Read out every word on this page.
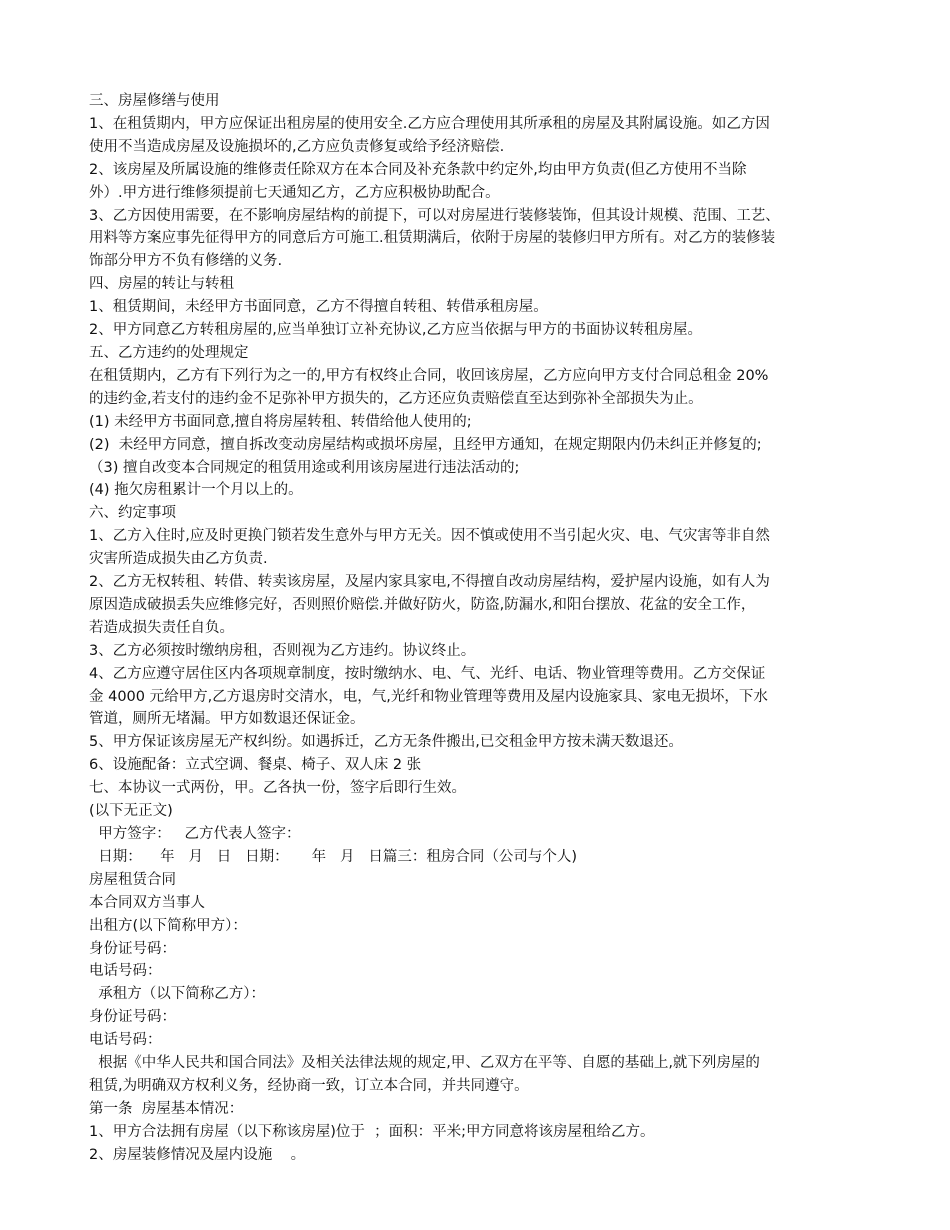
三、房屋修缮与使用
1、在租赁期内，甲方应保证出租房屋的使用安全.乙方应合理使用其所承租的房屋及其附属设施。如乙方因
使用不当造成房屋及设施损坏的,乙方应负责修复或给予经济赔偿.
2、该房屋及所属设施的维修责任除双方在本合同及补充条款中约定外,均由甲方负责(但乙方使用不当除
外）.甲方进行维修须提前七天通知乙方，乙方应积极协助配合。
3、乙方因使用需要，在不影响房屋结构的前提下，可以对房屋进行装修装饰，但其设计规模、范围、工艺、
用料等方案应事先征得甲方的同意后方可施工.租赁期满后，依附于房屋的装修归甲方所有。对乙方的装修装
饰部分甲方不负有修缮的义务.
四、房屋的转让与转租
1、租赁期间，未经甲方书面同意，乙方不得擅自转租、转借承租房屋。
2、甲方同意乙方转租房屋的,应当单独订立补充协议,乙方应当依据与甲方的书面协议转租房屋。
五、乙方违约的处理规定
在租赁期内，乙方有下列行为之一的,甲方有权终止合同，收回该房屋，乙方应向甲方支付合同总租金 20%
的违约金,若支付的违约金不足弥补甲方损失的，乙方还应负责赔偿直至达到弥补全部损失为止。
(1) 未经甲方书面同意,擅自将房屋转租、转借给他人使用的;
(2)  未经甲方同意，擅自拆改变动房屋结构或损坏房屋，且经甲方通知，在规定期限内仍未纠正并修复的;
（3) 擅自改变本合同规定的租赁用途或利用该房屋进行违法活动的;
(4) 拖欠房租累计一个月以上的。
六、约定事项
1、乙方入住时,应及时更换门锁若发生意外与甲方无关。因不慎或使用不当引起火灾、电、气灾害等非自然
灾害所造成损失由乙方负责.
2、乙方无权转租、转借、转卖该房屋，及屋内家具家电,不得擅自改动房屋结构，爱护屋内设施，如有人为
原因造成破损丢失应维修完好，否则照价赔偿.并做好防火，防盗,防漏水,和阳台摆放、花盆的安全工作，
若造成损失责任自负。
3、乙方必须按时缴纳房租，否则视为乙方违约。协议终止。
4、乙方应遵守居住区内各项规章制度，按时缴纳水、电、气、光纤、电话、物业管理等费用。乙方交保证
金 4000 元给甲方,乙方退房时交清水，电，气,光纤和物业管理等费用及屋内设施家具、家电无损坏，下水
管道，厕所无堵漏。甲方如数退还保证金。
5、甲方保证该房屋无产权纠纷。如遇拆迁，乙方无条件搬出,已交租金甲方按未满天数退还。
6、设施配备：立式空调、餐桌、椅子、双人床 2 张
七、本协议一式两份，甲。乙各执一份，签字后即行生效。
(以下无正文)
甲方签字：   乙方代表人签字：
日期：    年   月   日   日期：     年   月   日篇三：租房合同（公司与个人)
房屋租赁合同
本合同双方当事人
出租方(以下简称甲方）：
身份证号码：
电话号码：
承租方（以下简称乙方）：
身份证号码：
电话号码：
根据《中华人民共和国合同法》及相关法律法规的规定,甲、乙双方在平等、自愿的基础上,就下列房屋的
租赁,为明确双方权利义务，经协商一致，订立本合同，并共同遵守。
第一条  房屋基本情况：
1、甲方合法拥有房屋（以下称该房屋)位于  ；面积：平米;甲方同意将该房屋租给乙方。
2、房屋装修情况及屋内设施    。
